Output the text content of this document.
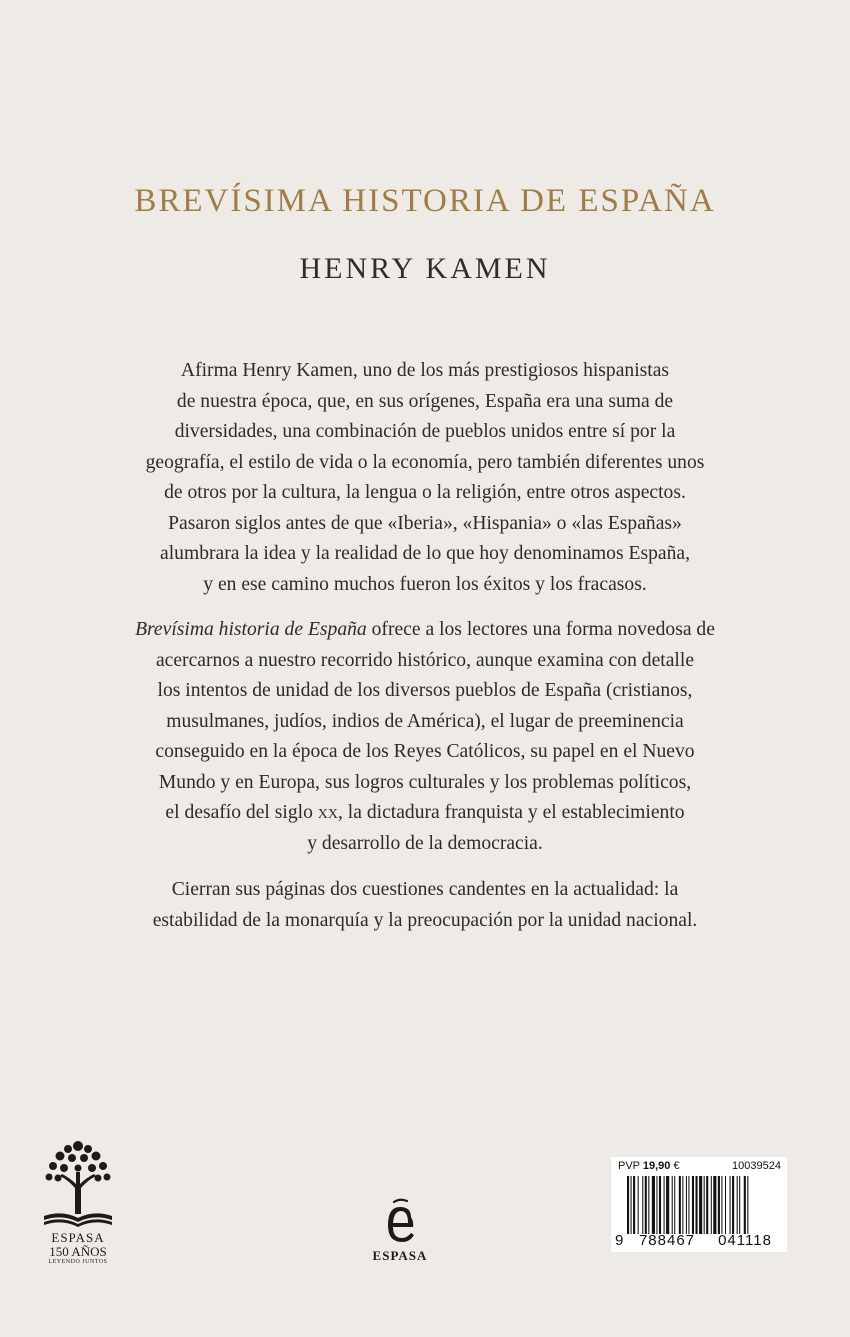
BREVÍSIMA HISTORIA DE ESPAÑA
HENRY KAMEN
Afirma Henry Kamen, uno de los más prestigiosos hispanistas
de nuestra época, que, en sus orígenes, España era una suma de
diversidades, una combinación de pueblos unidos entre sí por la
geografía, el estilo de vida o la economía, pero también diferentes unos
de otros por la cultura, la lengua o la religión, entre otros aspectos.
Pasaron siglos antes de que «Iberia», «Hispania» o «las Españas»
alumbrara la idea y la realidad de lo que hoy denominamos España,
y en ese camino muchos fueron los éxitos y los fracasos.
Brevísima historia de España ofrece a los lectores una forma novedosa de
acercarnos a nuestro recorrido histórico, aunque examina con detalle
los intentos de unidad de los diversos pueblos de España (cristianos,
musulmanes, judíos, indios de América), el lugar de preeminencia
conseguido en la época de los Reyes Católicos, su papel en el Nuevo
Mundo y en Europa, sus logros culturales y los problemas políticos,
el desafío del siglo xx, la dictadura franquista y el establecimiento
y desarrollo de la democracia.
Cierran sus páginas dos cuestiones candentes en la actualidad: la
estabilidad de la monarquía y la preocupación por la unidad nacional.
ESPASA
150 AÑOS
LEYENDO JUNTOS	ESPASA
PVP 19,90 €	10039524
9	788467	041118
